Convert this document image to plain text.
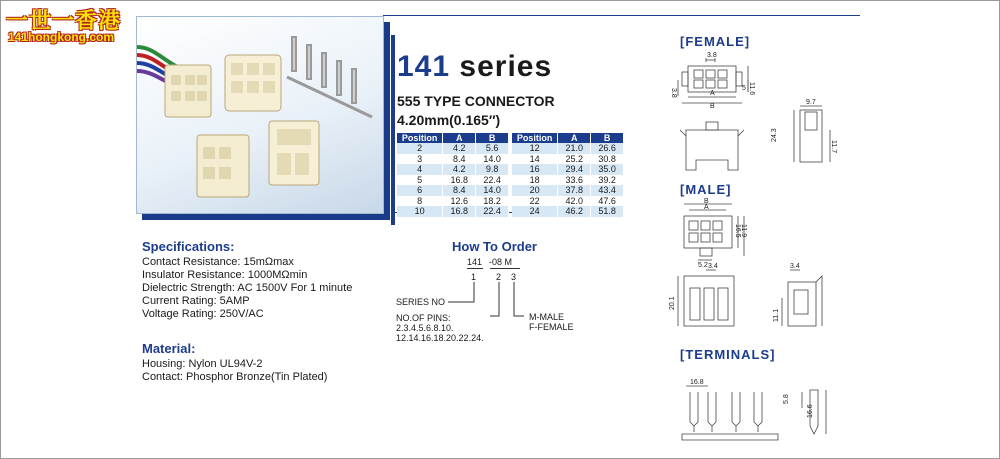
一世一香港
141hongkong.com
141 series
555 TYPE CONNECTOR
4.20mm(0.165″)
Position	A	B
2	4.2	5.6
3	8.4	14.0
4	4.2	9.8
5	16.8	22.4
6	8.4	14.0
8	12.6	18.2
10	16.8	22.4
Position	A	B
12	21.0	26.6
14	25.2	30.8
16	29.4	35.0
18	33.6	39.2
20	37.8	43.4
22	42.0	47.6
24	46.2	51.8
Specifications:
Contact Resistance: 15mΩmax
Insulator Resistance: 1000MΩmin
Dielectric Strength: AC 1500V For 1 minute
Current Rating: 5AMP
Voltage Rating: 250V/AC
Material:
Housing: Nylon UL94V-2
Contact: Phosphor Bronze(Tin Plated)
How To Order
141 -08 M
1 2 3
SERIES NO
NO.OF PINS:
2.3.4.5.6.8.10.
12.14.16.18.20.22.24.
M-MALE
F-FEMALE
[FEMALE]
[MALE]
[TERMINALS]
3.8
A
B
11.6
5
3.8
9.7
24.3
11.7
B
A
16.5 11.9
5.2 3.4
20.1
3.4
11.1
16.8
5.8
16.6
